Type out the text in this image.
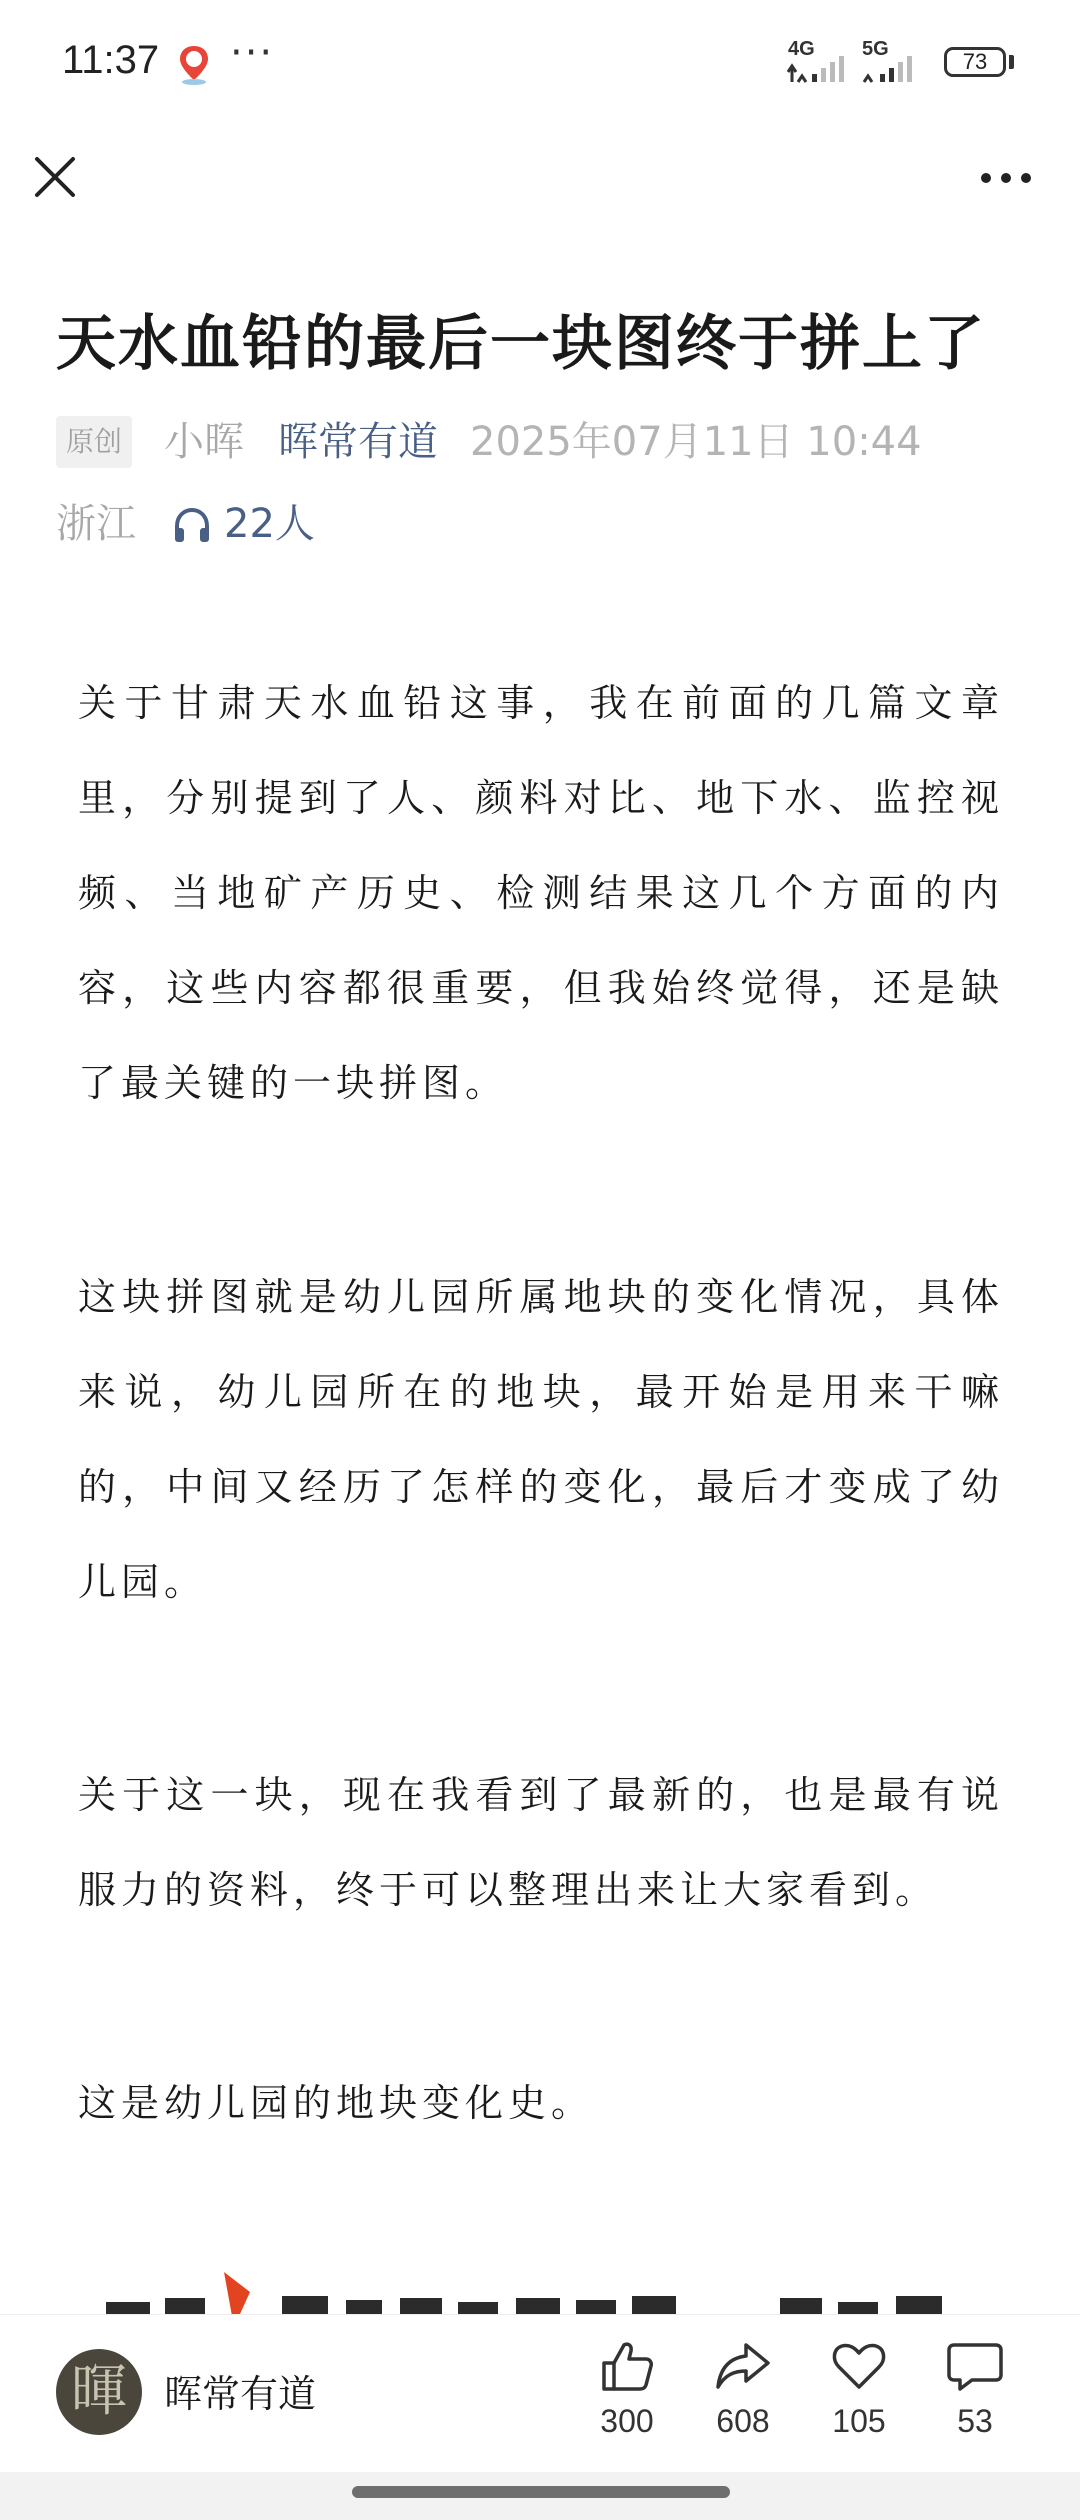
11:37 ···	4G 5G	73
天水血铅的最后一块图终于拼上了
原创 小晖 晖常有道 2025年07月11日 10:44
浙江 22人
关于甘肃天水血铅这事，我在前面的几篇文章里，分别提到了人、颜料对比、地下水、监控视频、当地矿产历史、检测结果这几个方面的内容，这些内容都很重要，但我始终觉得，还是缺了最关键的一块拼图。
这块拼图就是幼儿园所属地块的变化情况，具体来说，幼儿园所在的地块，最开始是用来干嘛的，中间又经历了怎样的变化，最后才变成了幼儿园。
关于这一块，现在我看到了最新的，也是最有说服力的资料，终于可以整理出来让大家看到。
这是幼儿园的地块变化史。
暉 晖常有道
300	608	105	53
